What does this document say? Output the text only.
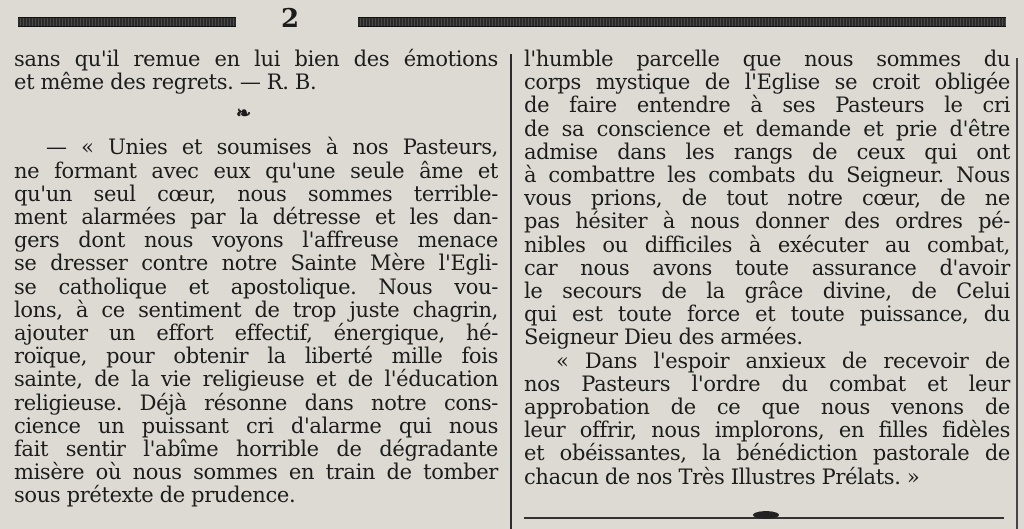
2
sans qu'il remue en lui bien des émotions
et même des regrets. — R. B.
❧
— « Unies et soumises à nos Pasteurs,
ne formant avec eux qu'une seule âme et
qu'un seul cœur, nous sommes terrible-
ment alarmées par la détresse et les dan-
gers dont nous voyons l'affreuse menace
se dresser contre notre Sainte Mère l'Egli-
se catholique et apostolique. Nous vou-
lons, à ce sentiment de trop juste chagrin,
ajouter un effort effectif, énergique, hé-
roïque, pour obtenir la liberté mille fois
sainte, de la vie religieuse et de l'éducation
religieuse. Déjà résonne dans notre cons-
cience un puissant cri d'alarme qui nous
fait sentir l'abîme horrible de dégradante
misère où nous sommes en train de tomber
sous prétexte de prudence.
l'humble parcelle que nous sommes du
corps mystique de l'Eglise se croit obligée
de faire entendre à ses Pasteurs le cri
de sa conscience et demande et prie d'être
admise dans les rangs de ceux qui ont
à combattre les combats du Seigneur. Nous
vous prions, de tout notre cœur, de ne
pas hésiter à nous donner des ordres pé-
nibles ou difficiles à exécuter au combat,
car nous avons toute assurance d'avoir
le secours de la grâce divine, de Celui
qui est toute force et toute puissance, du
Seigneur Dieu des armées.
« Dans l'espoir anxieux de recevoir de
nos Pasteurs l'ordre du combat et leur
approbation de ce que nous venons de
leur offrir, nous implorons, en filles fidèles
et obéissantes, la bénédiction pastorale de
chacun de nos Très Illustres Prélats. »
